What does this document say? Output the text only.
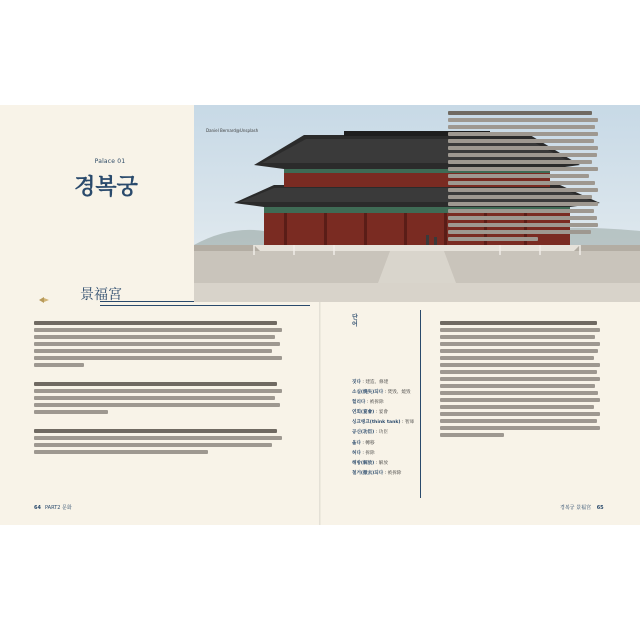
Palace 01
경복궁
景福宮
Daniel Bernard@Unsplash
단어
짓다 : 建造、修建
소실(燒失)되다 : 焚毀、燒毀
헐리다 : 被拆除
연회(宴會) : 宴會
싱크탱크(think tank) : 智庫
공신(功臣) : 功臣
옮다 : 轉移
허다 : 拆除
해방(解放) : 解放
철거(撤去)되다 : 被拆除
64 PART2 문화	경복궁 景福宮 65
